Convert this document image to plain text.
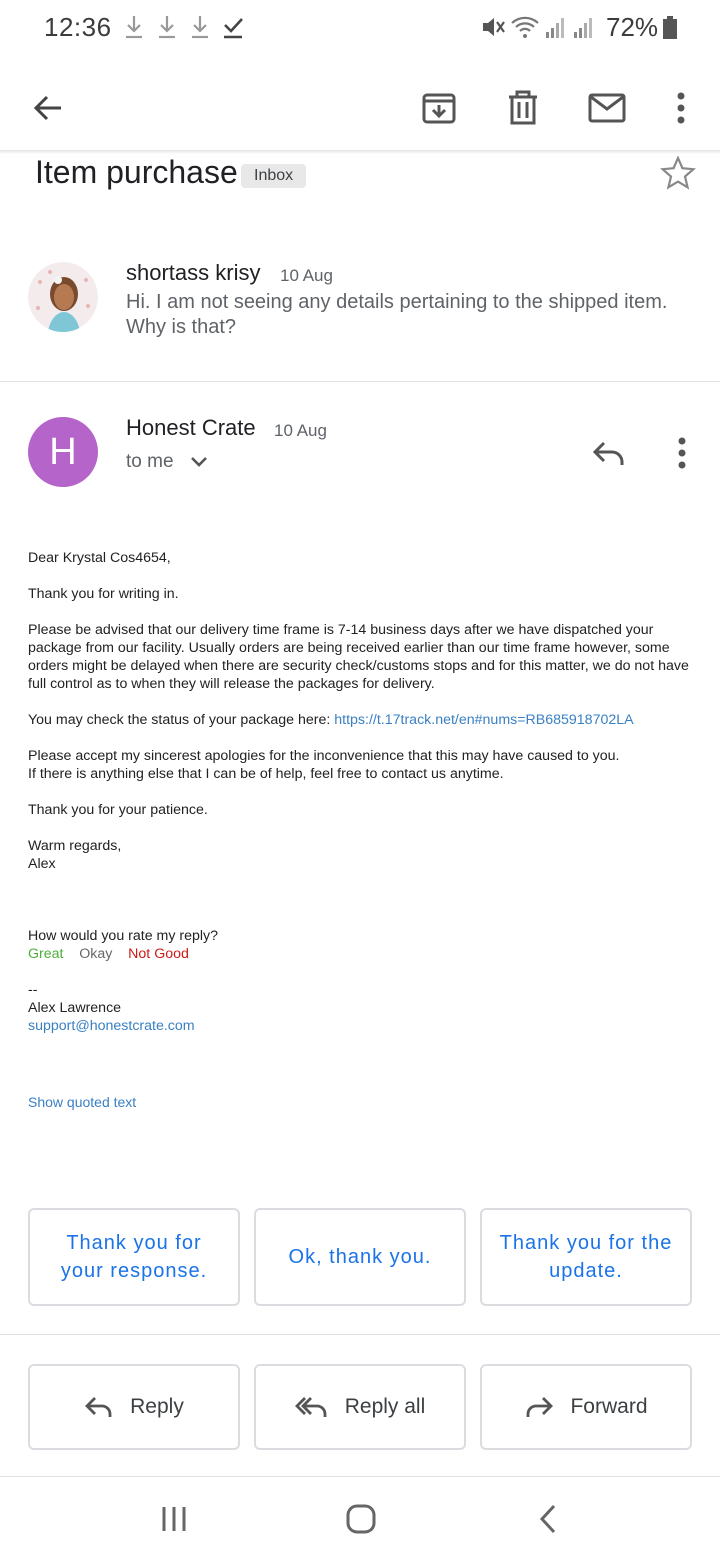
12:36	72%
Item purchase	Inbox
shortass krisy 10 Aug
Hi. I am not seeing any details pertaining to the shipped item. Why is that?
H
Honest Crate 10 Aug
to me

Dear Krystal Cos4654,

Thank you for writing in.

Please be advised that our delivery time frame is 7-14 business days after we have dispatched your package from our facility. Usually orders are being received earlier than our time frame however, some orders might be delayed when there are security check/customs stops and for this matter, we do not have full control as to when they will release the packages for delivery.

You may check the status of your package here: https://t.17track.net/en#nums=RB685918702LA

Please accept my sincerest apologies for the inconvenience that this may have caused to you.
If there is anything else that I can be of help, feel free to contact us anytime.

Thank you for your patience.

Warm regards,
Alex
How would you rate my reply?
Great Okay Not Good
--
Alex Lawrence
support@honestcrate.com
Show quoted text
Thank you for your response.
Ok, thank you.
Thank you for the update.
Reply	Reply all	Forward
